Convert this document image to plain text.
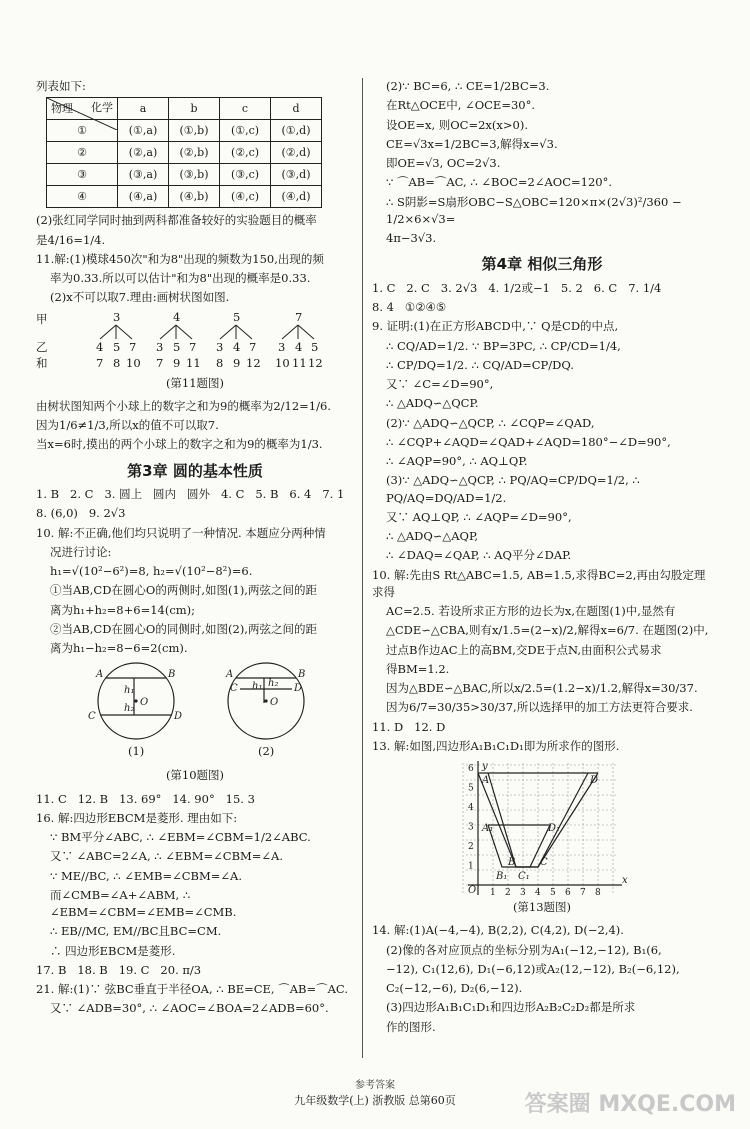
列表如下:

化学
物理	a	b	c	d
①	(①,a)	(①,b)	(①,c)	(①,d)
②	(②,a)	(②,b)	(②,c)	(②,d)
③	(③,a)	(③,b)	(③,c)	(③,d)
④	(④,a)	(④,b)	(④,c)	(④,d)

(2)张红同学同时抽到两科都准备较好的实验题目的概率

是4/16=1/4.

11.解:(1)模球450次"和为8"出现的频数为150,出现的频

率为0.33.所以可以估计"和为8"出现的概率是0.33.

(2)x不可以取7.理由:画树状图如图.

甲
乙
和
3	4	5	7
4 5 7 3 5 7 3 4 7 3 4 5
7 8 10 7 9 11 8 9 12 10 11 12

(第11题图)

由树状图知两个小球上的数字之和为9的概率为2/12=1/6.

因为1/6≠1/3,所以x的值不可以取7.

当x=6时,摸出的两个小球上的数字之和为9的概率为1/3.

第3章 圆的基本性质

1. B   2. C   3. 圆上   圆内   圆外   4. C   5. B   6. 4   7. 1

8. (6,0)   9. 2√3

10. 解:不正确,他们均只说明了一种情况. 本题应分两种情

况进行讨论:

h₁=√(10²−6²)=8, h₂=√(10²−8²)=6.

①当AB,CD在圆心O的两侧时,如图(1),两弦之间的距

离为h₁+h₂=8+6=14(cm);

②当AB,CD在圆心O的同侧时,如图(2),两弦之间的距

离为h₁−h₂=8−6=2(cm).

A	B
C	D
O
h₁
h₂
A	B
C	D
O
h₁ h₂
(1)	(2)

(第10题图)

11. C   12. B   13. 69°   14. 90°   15. 3

16. 解:四边形EBCM是菱形. 理由如下:

∵ BM平分∠ABC, ∴ ∠EBM=∠CBM=1/2∠ABC.

又∵ ∠ABC=2∠A, ∴ ∠EBM=∠CBM=∠A.

∵ ME//BC, ∴ ∠EMB=∠CBM=∠A.

而∠CMB=∠A+∠ABM, ∴ ∠EBM=∠CBM=∠EMB=∠CMB.

∴ EB//MC, EM//BC且BC=CM.

∴ 四边形EBCM是菱形.

17. B   18. B   19. C   20. π/3

21. 解:(1)∵ 弦BC垂直于半径OA, ∴ BE=CE, ⌒AB=⌒AC.

又∵ ∠ADB=30°, ∴ ∠AOC=∠BOA=2∠ADB=60°.

(2)∵ BC=6, ∴ CE=1/2BC=3.

在Rt△OCE中, ∠OCE=30°.

设OE=x, 则OC=2x(x>0).

CE=√3x=1/2BC=3,解得x=√3.

即OE=√3, OC=2√3.

∵ ⌒AB=⌒AC, ∴ ∠BOC=2∠AOC=120°.

∴ S阴影=S扇形OBC−S△OBC=120×π×(2√3)²/360 − 1/2×6×√3=

4π−3√3.

第4章 相似三角形

1. C   2. C   3. 2√3   4. 1/2或−1   5. 2   6. C   7. 1/4

8. 4   ①②④⑤

9. 证明:(1)在正方形ABCD中,∵ Q是CD的中点,

∴ CQ/AD=1/2. ∵ BP=3PC, ∴ CP/CD=1/4,

∴ CP/DQ=1/2. ∴ CQ/AD=CP/DQ.

又∵ ∠C=∠D=90°,

∴ △ADQ∽△QCP.

(2)∵ △ADQ∽△QCP, ∴ ∠CQP=∠QAD,

∴ ∠CQP+∠AQD=∠QAD+∠AQD=180°−∠D=90°,

∴ ∠AQP=90°, ∴ AQ⊥QP.

(3)∵ △ADQ∽△QCP, ∴ PQ/AQ=CP/DQ=1/2, ∴ PQ/AQ=DQ/AD=1/2.

又∵ AQ⊥QP, ∴ ∠AQP=∠D=90°,

∴ △ADQ∽△AQP,

∴ ∠DAQ=∠QAP, ∴ AQ平分∠DAP.

10. 解:先由S Rt△ABC=1.5, AB=1.5,求得BC=2,再由勾股定理求得

AC=2.5. 若设所求正方形的边长为x,在题图(1)中,显然有

△CDE∽△CBA,则有x/1.5=(2−x)/2,解得x=6/7. 在题图(2)中,

过点B作边AC上的高BM,交DE于点N,由面积公式易求

得BM=1.2.

因为△BDE∽△BAC,所以x/2.5=(1.2−x)/1.2,解得x=30/37.

因为6/7=30/35>30/37,所以选择甲的加工方法更符合要求.

11. D   12. D

13. 解:如图,四边形A₁B₁C₁D₁即为所求作的图形.

1 2 3 4 5 6 7 8
1
2
3
4
5
6 y
x
O
A	D
A₁	D₁
B₁ C₁
B C

(第13题图)

14. 解:(1)A(−4,−4), B(2,2), C(4,2), D(−2,4).

(2)像的各对应顶点的坐标分别为A₁(−12,−12), B₁(6,

−12), C₁(12,6), D₁(−6,12)或A₂(12,−12), B₂(−6,12),

C₂(−12,−6), D₂(6,−12).

(3)四边形A₁B₁C₁D₁和四边形A₂B₂C₂D₂都是所求

作的图形.

参考答案
九年级数学(上) 浙教版 总第60页	答案圈 MXQE.COM
